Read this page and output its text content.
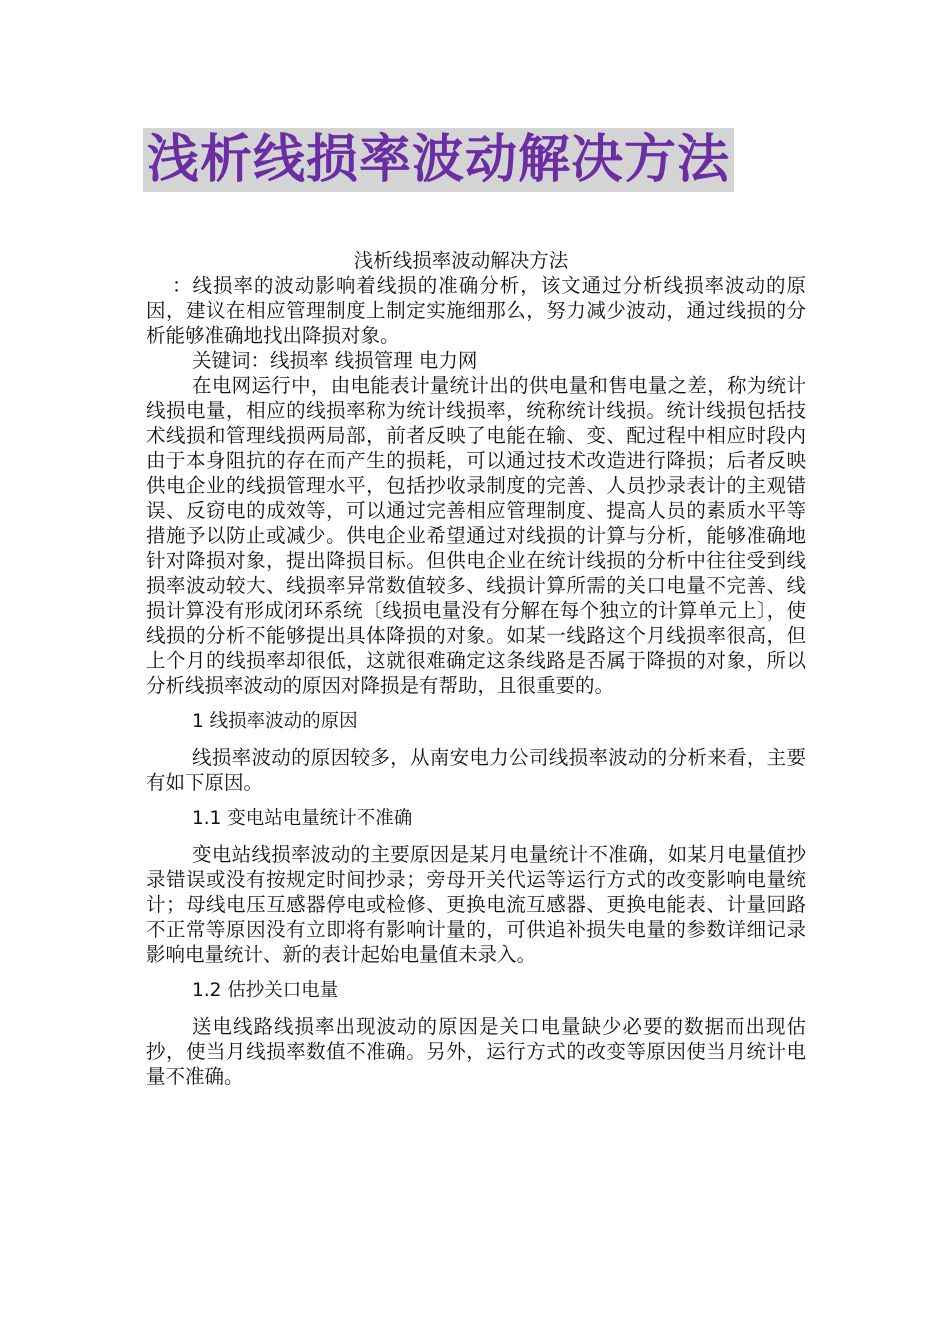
浅析线损率波动解决方法

浅析线损率波动解决方法

：线损率的波动影响着线损的准确分析，该文通过分析线损率波动的原因，建议在相应管理制度上制定实施细那么，努力减少波动，通过线损的分析能够准确地找出降损对象。

关键词：线损率 线损管理 电力网

在电网运行中，由电能表计量统计出的供电量和售电量之差，称为统计线损电量，相应的线损率称为统计线损率，统称统计线损。统计线损包括技术线损和管理线损两局部，前者反映了电能在输、变、配过程中相应时段内由于本身阻抗的存在而产生的损耗，可以通过技术改造进行降损；后者反映供电企业的线损管理水平，包括抄收录制度的完善、人员抄录表计的主观错误、反窃电的成效等，可以通过完善相应管理制度、提高人员的素质水平等措施予以防止或减少。供电企业希望通过对线损的计算与分析，能够准确地针对降损对象，提出降损目标。但供电企业在统计线损的分析中往往受到线损率波动较大、线损率异常数值较多、线损计算所需的关口电量不完善、线损计算没有形成闭环系统〔线损电量没有分解在每个独立的计算单元上〕，使线损的分析不能够提出具体降损的对象。如某一线路这个月线损率很高，但上个月的线损率却很低，这就很难确定这条线路是否属于降损的对象，所以分析线损率波动的原因对降损是有帮助，且很重要的。

1 线损率波动的原因

线损率波动的原因较多，从南安电力公司线损率波动的分析来看，主要有如下原因。

1.1 变电站电量统计不准确

变电站线损率波动的主要原因是某月电量统计不准确，如某月电量值抄录错误或没有按规定时间抄录；旁母开关代运等运行方式的改变影响电量统计；母线电压互感器停电或检修、更换电流互感器、更换电能表、计量回路不正常等原因没有立即将有影响计量的，可供追补损失电量的参数详细记录影响电量统计、新的表计起始电量值未录入。

1.2 估抄关口电量

送电线路线损率出现波动的原因是关口电量缺少必要的数据而出现估抄，使当月线损率数值不准确。另外，运行方式的改变等原因使当月统计电量不准确。
